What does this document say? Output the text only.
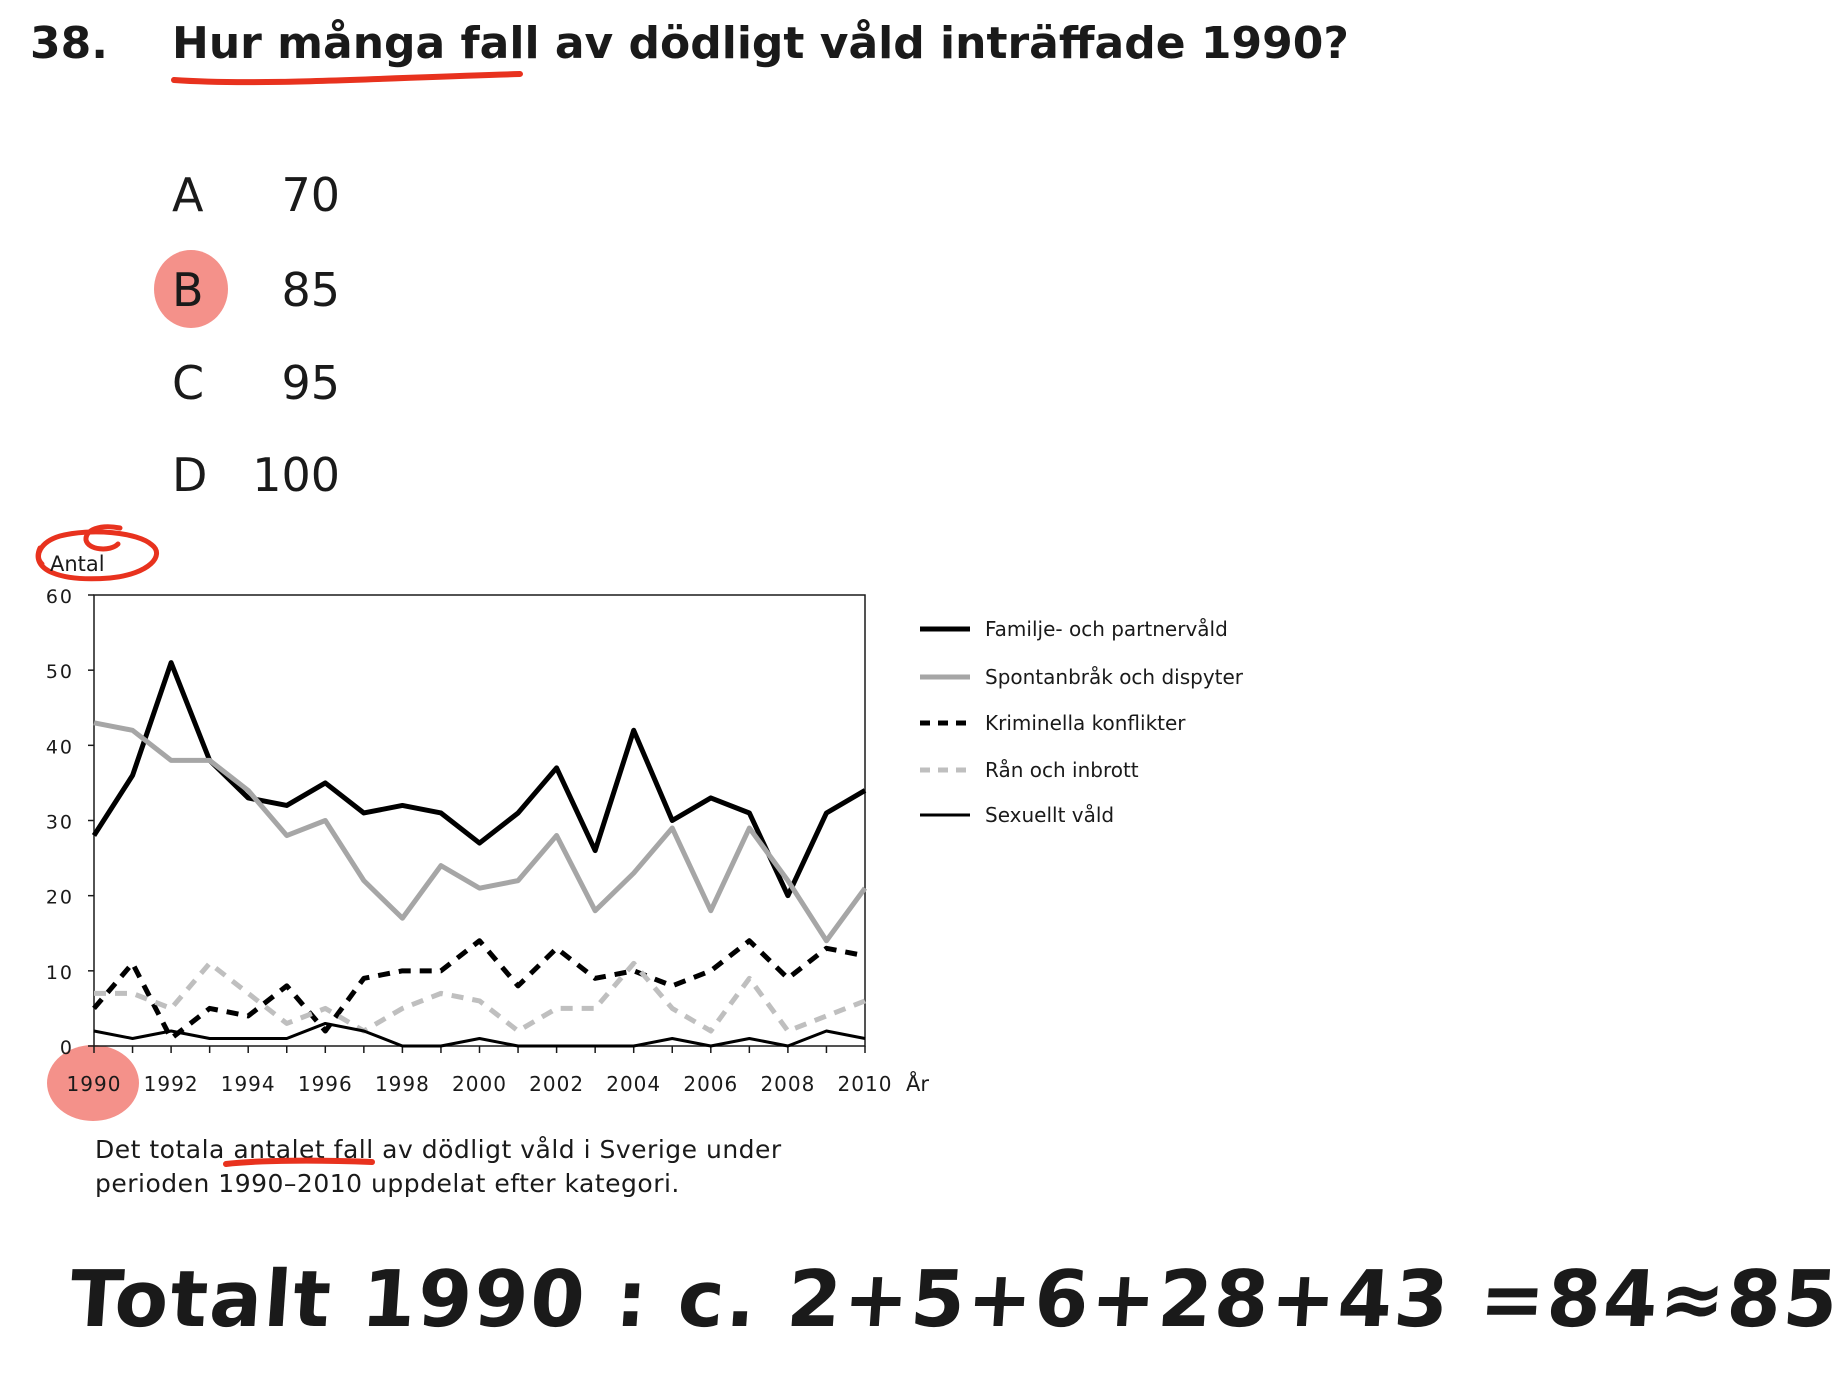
38. Hur många fall av dödligt våld inträffade 1990?
A	70
B	85
C	95
D 100
Antal
0
10
20
30
40
50
60
1990 1992 1994 1996 1998 2000 2002 2004 2006 2008 2010 År
Familje- och partnervåld
Spontanbråk och dispyter
Kriminella konflikter
Rån och inbrott
Sexuellt våld
Det totala antalet fall av dödligt våld i Sverige under perioden 1990–2010 uppdelat efter kategori.
Totalt 1990 : c. 2+5+6+28+43 =84≈85
